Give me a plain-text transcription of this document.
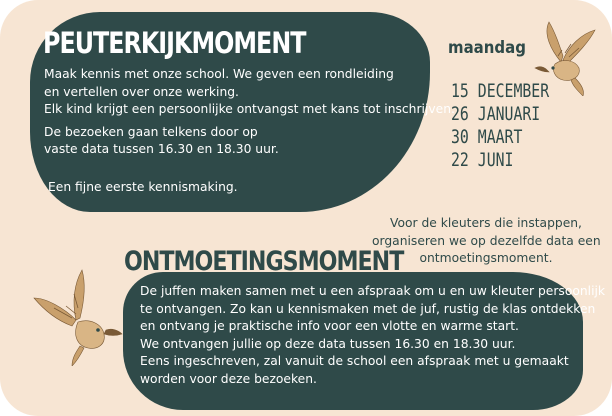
PEUTERKIJKMOMENT

Maak kennis met onze school. We geven een rondleiding

en vertellen over onze werking.

Elk kind krijgt een persoonlijke ontvangst met kans tot inschrijven.

De bezoeken gaan telkens door op

vaste data tussen 16.30 en 18.30 uur.

Een fijne eerste kennismaking.
maandag
15 DECEMBER
26 JANUARI
30 MAART
22 JUNI
Voor de kleuters die instappen,
organiseren we op dezelfde data een
ontmoetingsmoment.
ONTMOETINGSMOMENT
De juffen maken samen met u een afspraak om u en uw kleuter persoonlijk
te ontvangen. Zo kan u kennismaken met de juf, rustig de klas ontdekken
en ontvang je praktische info voor een vlotte en warme start.
We ontvangen jullie op deze data tussen 16.30 en 18.30 uur.
Eens ingeschreven, zal vanuit de school een afspraak met u gemaakt
worden voor deze bezoeken.
